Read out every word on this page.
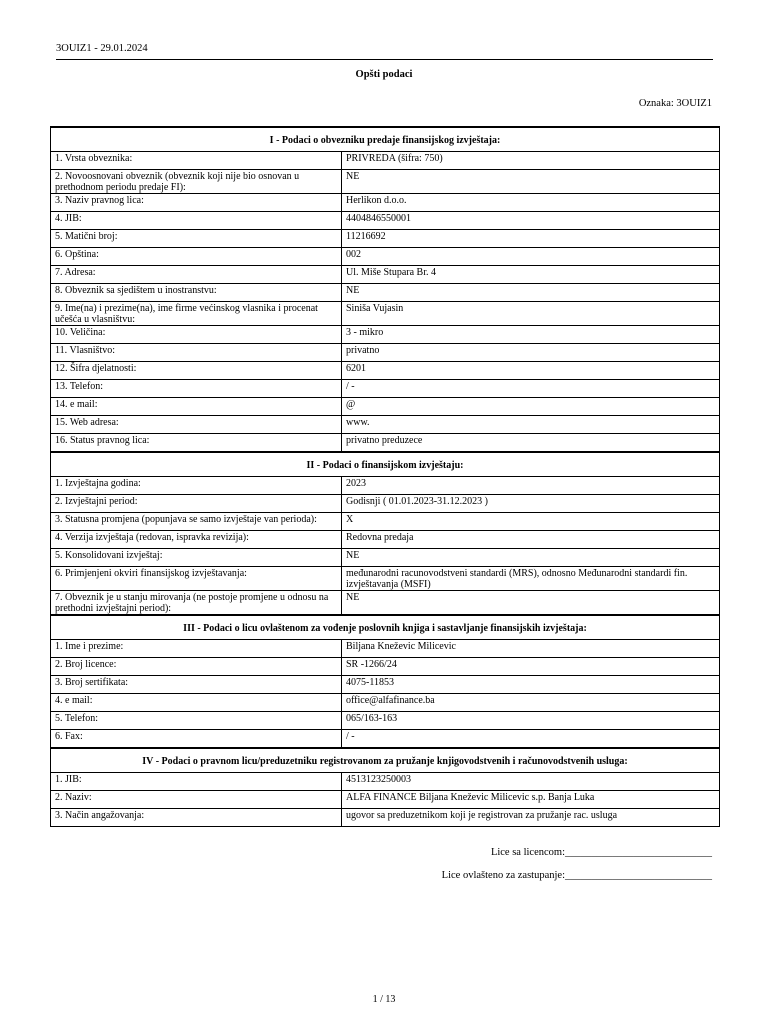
3OUIZ1 - 29.01.2024
Opšti podaci
Oznaka: 3OUIZ1
I - Podaci o obvezniku predaje finansijskog izvještaja:	
1. Vrsta obveznika:	PRIVREDA (šifra: 750)
2. Novoosnovani obveznik (obveznik koji nije bio osnovan u prethodnom periodu predaje FI):	NE
3. Naziv pravnog lica:	Herlikon d.o.o.
4. JIB:	4404846550001
5. Matični broj:	11216692
6. Opština:	002
7. Adresa:	Ul. Miše Stupara Br. 4
8. Obveznik sa sjedištem u inostranstvu:	NE
9. Ime(na) i prezime(na), ime firme većinskog vlasnika i procenat učešća u vlasništvu:	Siniša Vujasin
10. Veličina:	3 - mikro
11. Vlasništvo:	privatno
12. Šifra djelatnosti:	6201
13. Telefon:	/ -
14. e mail:	@
15. Web adresa:	www.
16. Status pravnog lica:	privatno preduzece
II - Podaci o finansijskom izvještaju:	
1. Izvještajna godina:	2023
2. Izvještajni period:	Godisnji ( 01.01.2023-31.12.2023 )
3. Statusna promjena (popunjava se samo izvještaje van perioda):	X
4. Verzija izvještaja (redovan, ispravka revizija):	Redovna predaja
5. Konsolidovani izvještaj:	NE
6. Primjenjeni okviri finansijskog izvještavanja:	međunarodni racunovodstveni standardi (MRS), odnosno Međunarodni standardi fin. izvještavanja (MSFI)
7. Obveznik je u stanju mirovanja (ne postoje promjene u odnosu na prethodni izvještajni period):	NE
III - Podaci o licu ovlaštenom za vođenje poslovnih knjiga i sastavljanje finansijskih izvještaja:	
1. Ime i prezime:	Biljana Kneževic Milicevic
2. Broj licence:	SR -1266/24
3. Broj sertifikata:	4075-11853
4. e mail:	office@alfafinance.ba
5. Telefon:	065/163-163
6. Fax:	/ -
IV - Podaci o pravnom licu/preduzetniku registrovanom za pružanje knjigovodstvenih i računovodstvenih usluga:	
1. JIB:	4513123250003
2. Naziv:	ALFA FINANCE Biljana Kneževic Milicevic s.p. Banja Luka
3. Način angažovanja:	ugovor sa preduzetnikom koji je registrovan za pružanje rac. usluga
Lice sa licencom:____________________________
Lice ovlašteno za zastupanje:____________________________
1 / 13
